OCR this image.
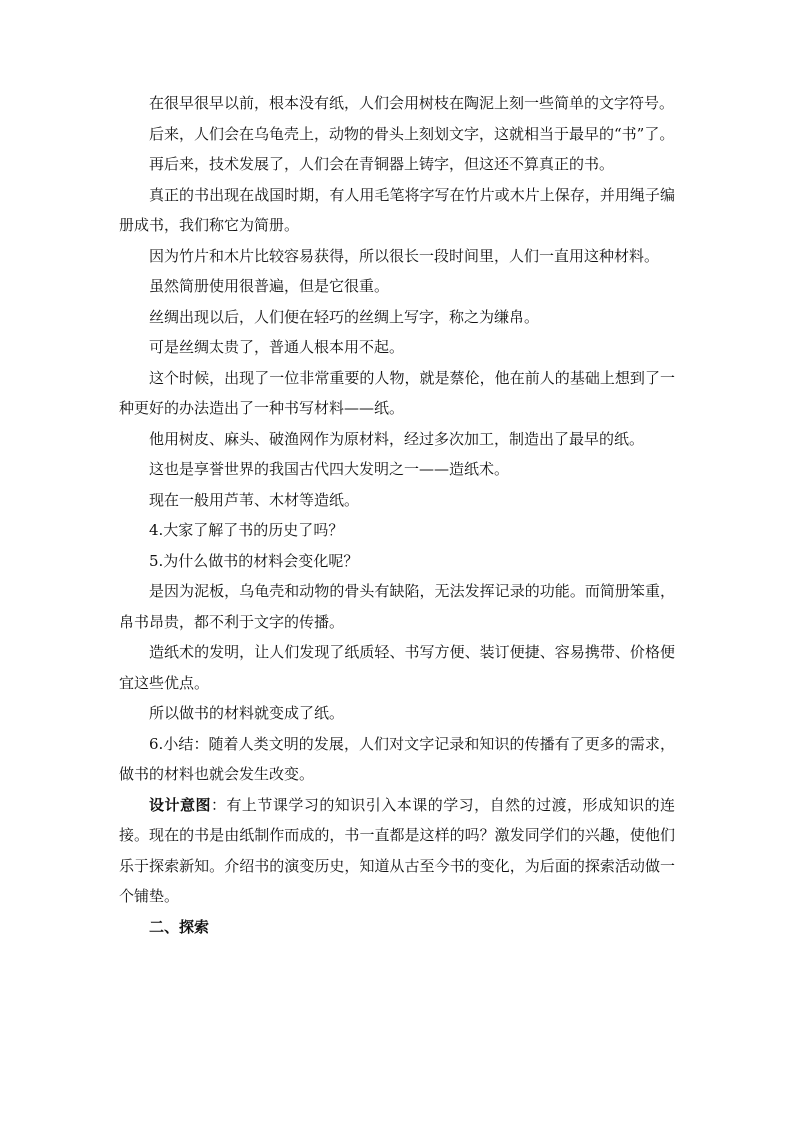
在很早很早以前，根本没有纸，人们会用树枝在陶泥上刻一些简单的文字符号。

后来，人们会在乌龟壳上，动物的骨头上刻划文字，这就相当于最早的“书”了。

再后来，技术发展了，人们会在青铜器上铸字，但这还不算真正的书。

真正的书出现在战国时期，有人用毛笔将字写在竹片或木片上保存，并用绳子编册成书，我们称它为简册。

因为竹片和木片比较容易获得，所以很长一段时间里，人们一直用这种材料。

虽然简册使用很普遍，但是它很重。

丝绸出现以后，人们便在轻巧的丝绸上写字，称之为缣帛。

可是丝绸太贵了，普通人根本用不起。

这个时候，出现了一位非常重要的人物，就是蔡伦，他在前人的基础上想到了一种更好的办法造出了一种书写材料——纸。

他用树皮、麻头、破渔网作为原材料，经过多次加工，制造出了最早的纸。

这也是享誉世界的我国古代四大发明之一——造纸术。

现在一般用芦苇、木材等造纸。

4.大家了解了书的历史了吗？

5.为什么做书的材料会变化呢？

是因为泥板，乌龟壳和动物的骨头有缺陷，无法发挥记录的功能。而简册笨重，帛书昂贵，都不利于文字的传播。

造纸术的发明，让人们发现了纸质轻、书写方便、装订便捷、容易携带、价格便宜这些优点。

所以做书的材料就变成了纸。

6.小结：随着人类文明的发展，人们对文字记录和知识的传播有了更多的需求，做书的材料也就会发生改变。

设计意图：有上节课学习的知识引入本课的学习，自然的过渡，形成知识的连接。现在的书是由纸制作而成的，书一直都是这样的吗？激发同学们的兴趣，使他们乐于探索新知。介绍书的演变历史，知道从古至今书的变化，为后面的探索活动做一个铺垫。

二、探索
